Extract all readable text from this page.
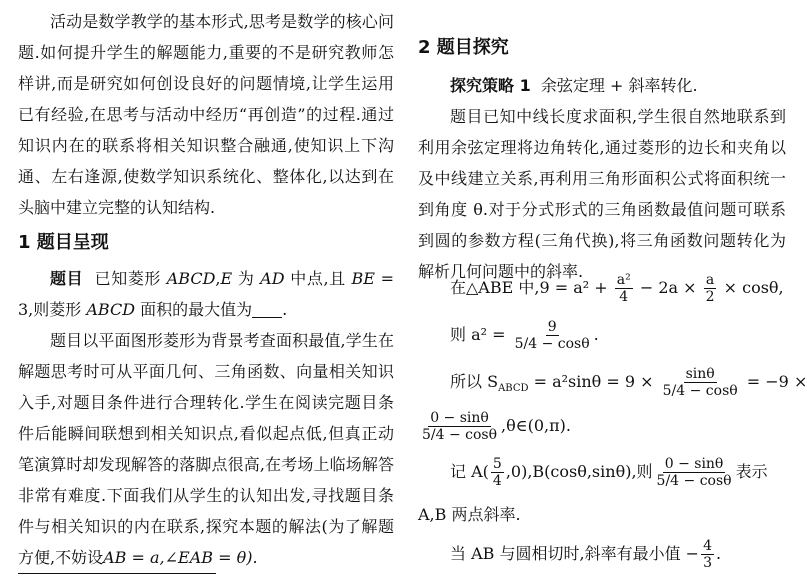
活动是数学教学的基本形式,思考是数学的核心问题.如何提升学生的解题能力,重要的不是研究教师怎样讲,而是研究如何创设良好的问题情境,让学生运用已有经验,在思考与活动中经历“再创造”的过程.通过知识内在的联系将相关知识整合融通,使知识上下沟通、左右逢源,使数学知识系统化、整体化,以达到在头脑中建立完整的认知结构.

1 题目呈现

题目 已知菱形 ABCD,E 为 AD 中点,且 BE = 3,则菱形 ABCD 面积的最大值为 .

题目以平面图形菱形为背景考查面积最值,学生在解题思考时可从平面几何、三角函数、向量相关知识入手,对题目条件进行合理转化.学生在阅读完题目条件后能瞬间联想到相关知识点,看似起点低,但真正动笔演算时却发现解答的落脚点很高,在考场上临场解答非常有难度.下面我们从学生的认知出发,寻找题目条件与相关知识的内在联系,探究本题的解法(为了解题方便,不妨设AB = a,∠EAB = θ).

2 题目探究

探究策略 1 余弦定理 + 斜率转化.

题目已知中线长度求面积,学生很自然地联系到利用余弦定理将边角转化,通过菱形的边长和夹角以及中线建立关系,再利用三角形面积公式将面积统一到角度 θ.对于分式形式的三角函数最值问题可联系到圆的参数方程(三角代换),将三角函数问题转化为解析几何问题中的斜率.

在△ABE 中$,9 = a^2 + \frac{\text{a²}}{4} - 2a \times \frac{a}{2} \times \cos\theta$,
则 $a^2 = \frac{9}{5/4 - \cos\theta}$ .
所以 $S_{ABCD} = a^2\sin\theta = 9 \times \frac{\sin\theta}{5/4 - \cos\theta} = -9$ ×
$\frac{0 - \sin\theta}{5/4 - \cos\theta}$ ,θ∈(0,π).
记 $A( \frac{5}{4} ,0),B(\cos\theta,\sin\theta)$,则 $\frac{0 - \sin\theta}{5/4 - \cos\theta}$ 表示
A,B 两点斜率.
当 AB 与圆相切时,斜率有最小值 − $\frac{4}{3}$ .
